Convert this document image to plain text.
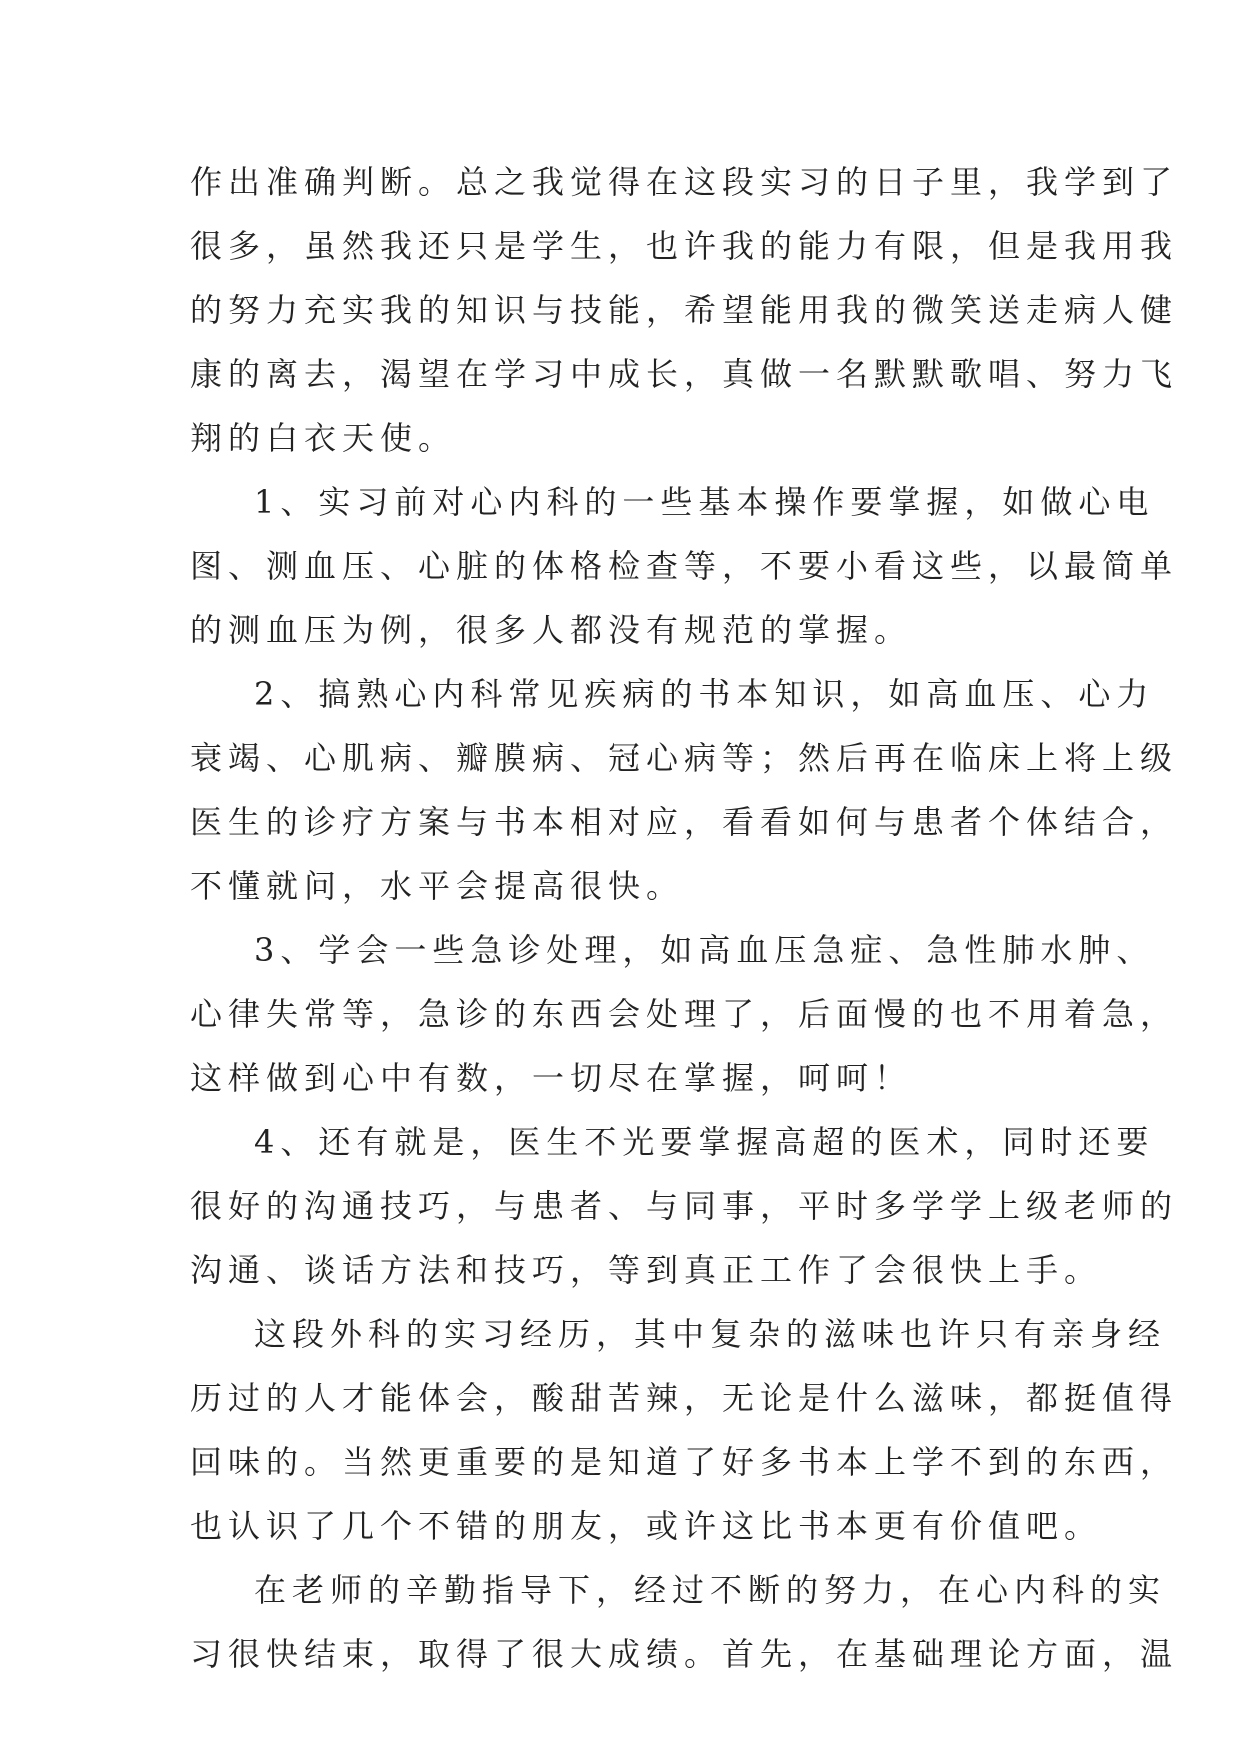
作出准确判断。总之我觉得在这段实习的日子里，我学到了
很多，虽然我还只是学生，也许我的能力有限，但是我用我
的努力充实我的知识与技能，希望能用我的微笑送走病人健
康的离去，渴望在学习中成长，真做一名默默歌唱、努力飞
翔的白衣天使。
1、实习前对心内科的一些基本操作要掌握，如做心电
图、测血压、心脏的体格检查等，不要小看这些，以最简单
的测血压为例，很多人都没有规范的掌握。
2、搞熟心内科常见疾病的书本知识，如高血压、心力
衰竭、心肌病、瓣膜病、冠心病等；然后再在临床上将上级
医生的诊疗方案与书本相对应，看看如何与患者个体结合，
不懂就问，水平会提高很快。
3、学会一些急诊处理，如高血压急症、急性肺水肿、
心律失常等，急诊的东西会处理了，后面慢的也不用着急，
这样做到心中有数，一切尽在掌握，呵呵！
4、还有就是，医生不光要掌握高超的医术，同时还要
很好的沟通技巧，与患者、与同事，平时多学学上级老师的
沟通、谈话方法和技巧，等到真正工作了会很快上手。
这段外科的实习经历，其中复杂的滋味也许只有亲身经
历过的人才能体会，酸甜苦辣，无论是什么滋味，都挺值得
回味的。当然更重要的是知道了好多书本上学不到的东西，
也认识了几个不错的朋友，或许这比书本更有价值吧。
在老师的辛勤指导下，经过不断的努力，在心内科的实
习很快结束，取得了很大成绩。首先，在基础理论方面，温
